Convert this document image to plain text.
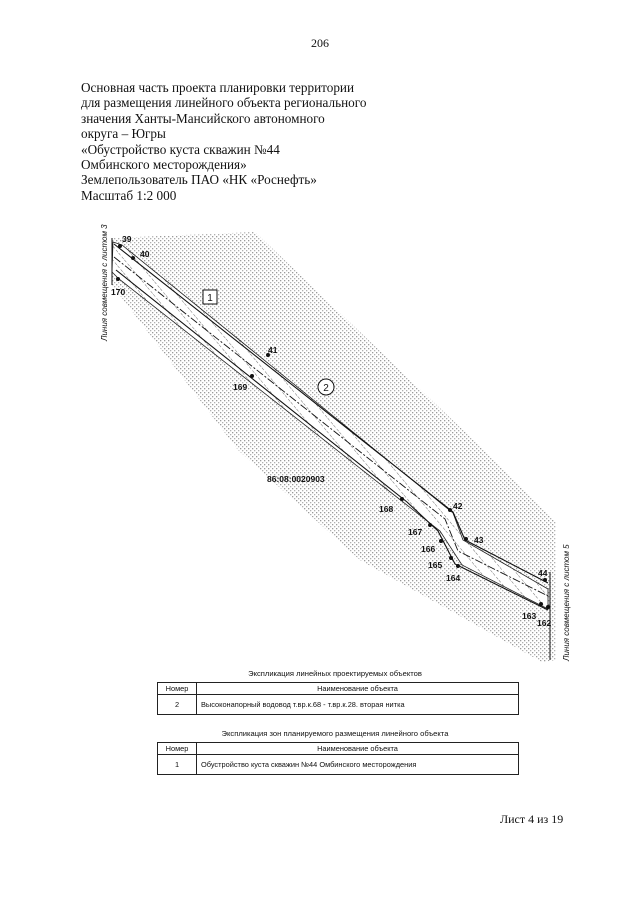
206
Основная часть проекта планировки территории
для размещения линейного объекта регионального
значения Ханты-Мансийского автономного
округа – Югры
«Обустройство куста скважин №44
Омбинского месторождения»
Землепользователь ПАО «НК «Роснефть»
Масштаб 1:2 000
39
40
170
41
169
168	42
167
166
43
165
164	44
163
162
1
2
86:08:0020903
Линия совмещения с листом 3
Линия совмещения с листом 5
Экспликация линейных проектируемых объектов
Номер	Наименование объекта
2	Высоконапорный водовод т.вр.к.68 - т.вр.к.28. вторая нитка
Экспликация зон планируемого размещения линейного объекта
Номер	Наименование объекта
1	Обустройство куста скважин №44 Омбинского месторождения
Лист 4 из 19
